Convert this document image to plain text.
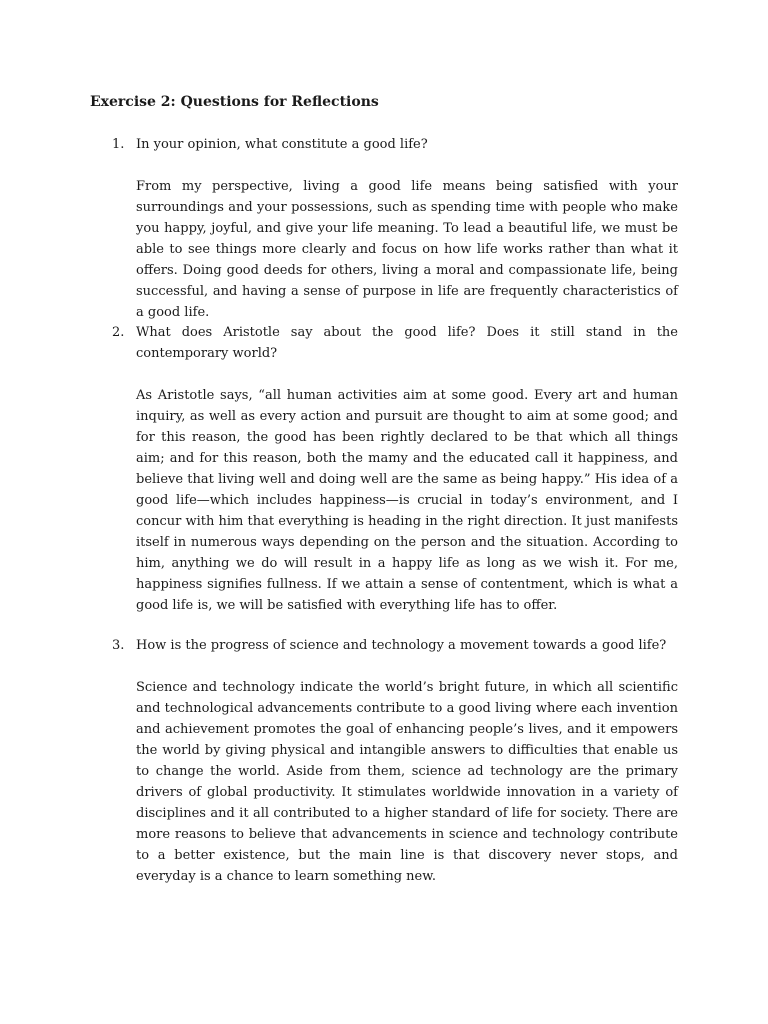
Exercise 2: Questions for Reflections
1. In your opinion, what constitute a good life?
From my perspective, living a good life means being satisfied with your surroundings and your possessions, such as spending time with people who make you happy, joyful, and give your life meaning. To lead a beautiful life, we must be able to see things more clearly and focus on how life works rather than what it offers. Doing good deeds for others, living a moral and compassionate life, being successful, and having a sense of purpose in life are frequently characteristics of a good life.
2. What does Aristotle say about the good life? Does it still stand in the contemporary world?
As Aristotle says, “all human activities aim at some good. Every art and human inquiry, as well as every action and pursuit are thought to aim at some good; and for this reason, the good has been rightly declared to be that which all things aim; and for this reason, both the mamy and the educated call it happiness, and believe that living well and doing well are the same as being happy.” His idea of a good life—which includes happiness—is crucial in today’s environment, and I concur with him that everything is heading in the right direction. It just manifests itself in numerous ways depending on the person and the situation. According to him, anything we do will result in a happy life as long as we wish it. For me, happiness signifies fullness. If we attain a sense of contentment, which is what a good life is, we will be satisfied with everything life has to offer.
3. How is the progress of science and technology a movement towards a good life?
Science and technology indicate the world’s bright future, in which all scientific and technological advancements contribute to a good living where each invention and achievement promotes the goal of enhancing people’s lives, and it empowers the world by giving physical and intangible answers to difficulties that enable us to change the world. Aside from them, science ad technology are the primary drivers of global productivity. It stimulates worldwide innovation in a variety of disciplines and it all contributed to a higher standard of life for society. There are more reasons to believe that advancements in science and technology contribute to a better existence, but the main line is that discovery never stops, and everyday is a chance to learn something new.
